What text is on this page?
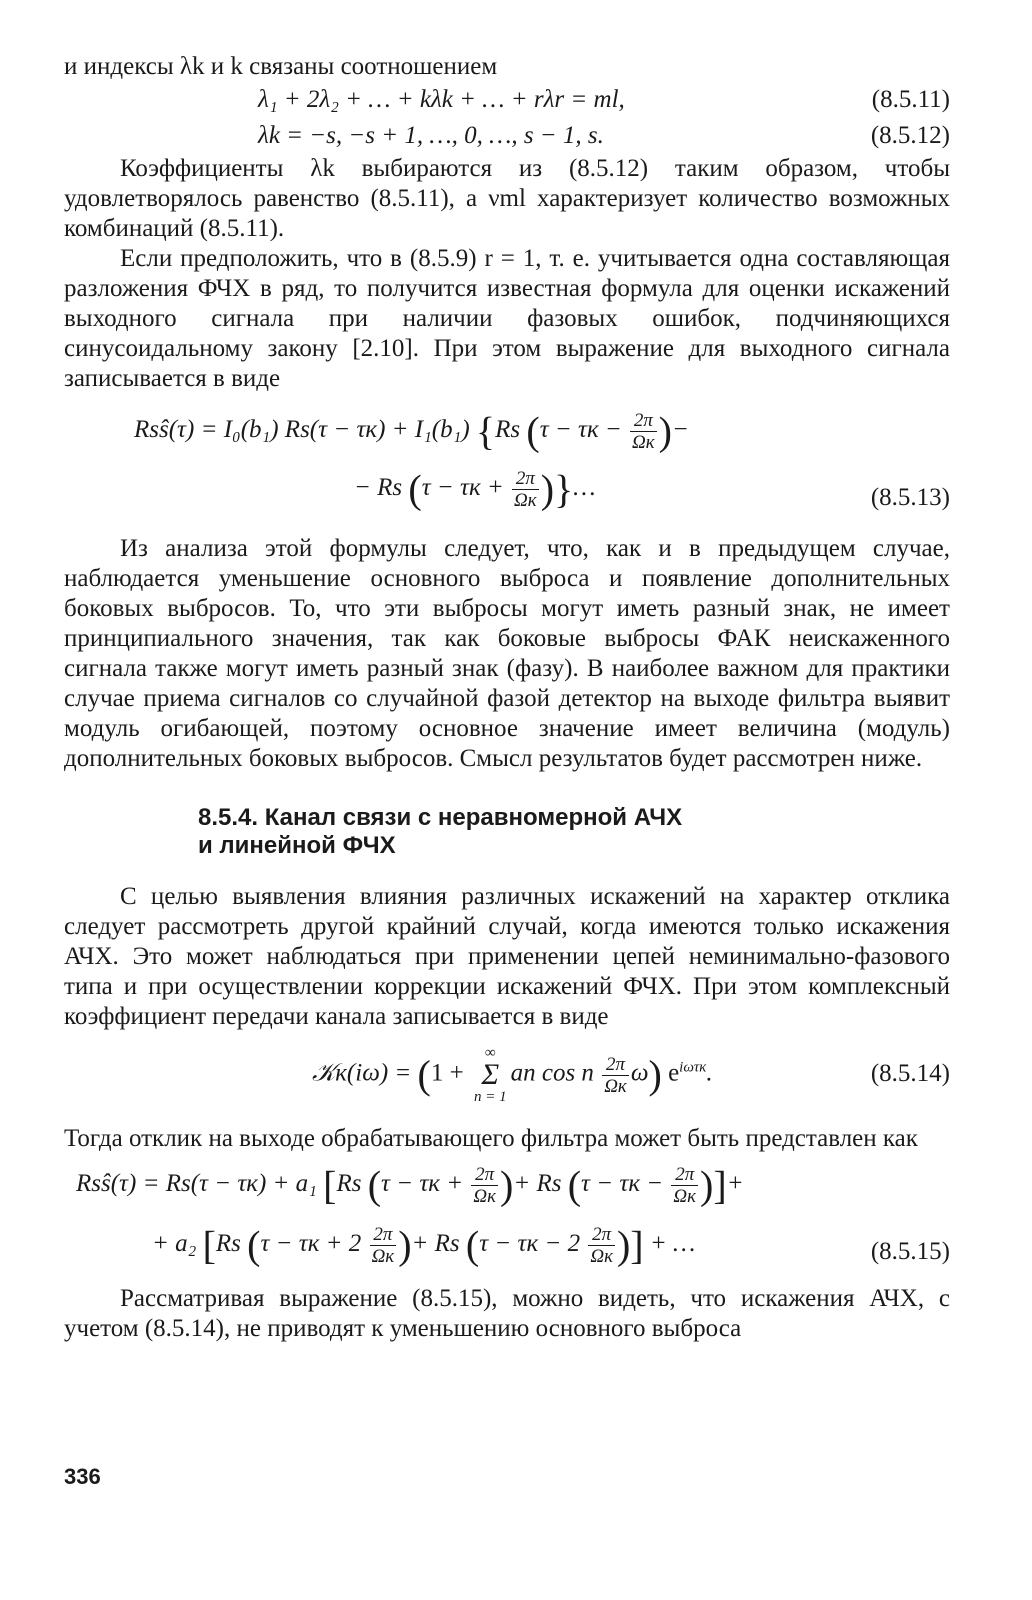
и индексы λk и k связаны соотношением

λ₁ + 2λ₂ + … + kλk + … + rλr = ml,	(8.5.11)
λk = −s, −s + 1, …, 0, …, s − 1, s.	(8.5.12)

Коэффициенты λk выбираются из (8.5.12) таким образом, чтобы удовлетворялось равенство (8.5.11), а νml характеризует количество возможных комбинаций (8.5.11).

Если предположить, что в (8.5.9) r = 1, т. е. учитывается одна составляющая разложения ФЧХ в ряд, то получится известная формула для оценки искажений выходного сигнала при наличии фазовых ошибок, подчиняющихся синусоидальному закону [2.10]. При этом выражение для выходного сигнала записывается в виде

Rsŝ(τ) = I₀(b₁) Rs(τ − τк) + I₁(b₁) {Rs ($\tau - \tau к - \frac{2\pi}{\Omega к}$ )−
− Rs ($\tau - \tau к + \frac{2\pi}{\Omega к}$ )}…	(8.5.13)

Из анализа этой формулы следует, что, как и в предыдущем случае, наблюдается уменьшение основного выброса и появление дополнительных боковых выбросов. То, что эти выбросы могут иметь разный знак, не имеет принципиального значения, так как боковые выбросы ФАК неискаженного сигнала также могут иметь разный знак (фазу). В наиболее важном для практики случае приема сигналов со случайной фазой детектор на выходе фильтра выявит модуль огибающей, поэтому основное значение имеет величина (модуль) дополнительных боковых выбросов. Смысл результатов будет рассмотрен ниже.

8.5.4. Канал связи с неравномерной АЧХ
и линейной ФЧХ

С целью выявления влияния различных искажений на характер отклика следует рассмотреть другой крайний случай, когда имеются только искажения АЧХ. Это может наблюдаться при применении цепей неминимально-фазового типа и при осуществлении коррекции искажений ФЧХ. При этом комплексный коэффициент передачи канала записывается в виде

𝒦к(iω) = (1 + ∞
Σ
n = 1an cos n $\frac{2\pi}{\Omega к} \omega$) $e^{i\omega\tau к}$.	(8.5.14)

Тогда отклик на выходе обрабатывающего фильтра может быть представлен как

Rsŝ(τ) = Rs(τ − τк) + a₁ [Rs ($\tau - \tau к + \frac{2\pi}{\Omega к}$ )+ Rs ($\tau - \tau к - \frac{2\pi}{\Omega к}$ )]+
+ a₂ [Rs ($\tau - \tau к + 2 \frac{2\pi}{\Omega к}$ )+ Rs ($\tau - \tau к - 2 \frac{2\pi}{\Omega к}$ )] + …	(8.5.15)

Рассматривая выражение (8.5.15), можно видеть, что искажения АЧХ, с учетом (8.5.14), не приводят к уменьшению основного выброса

336
